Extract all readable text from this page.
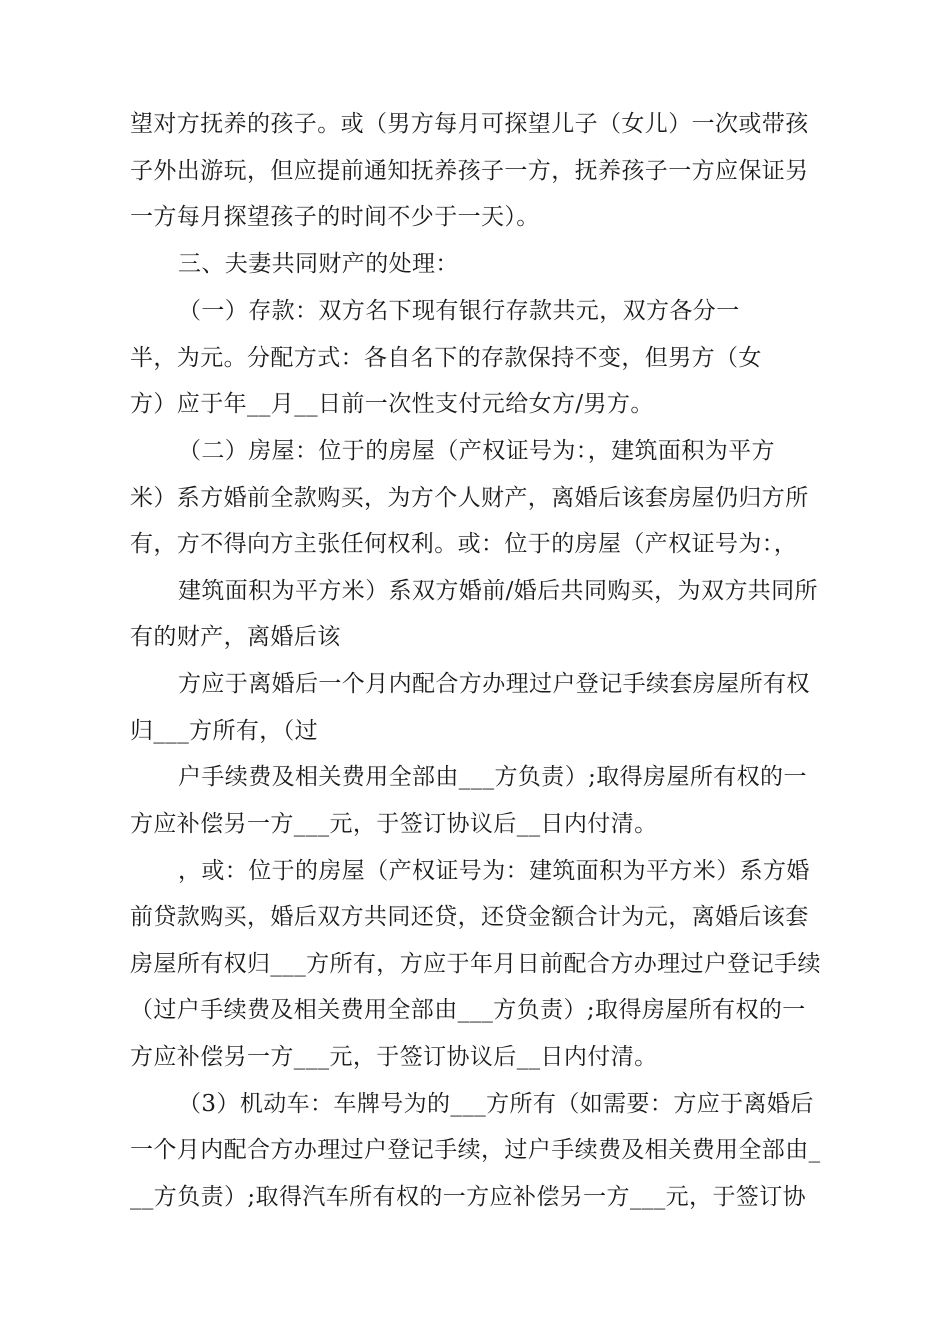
望对方抚养的孩子。或（男方每月可探望儿子（女儿）一次或带孩
子外出游玩，但应提前通知抚养孩子一方，抚养孩子一方应保证另
一方每月探望孩子的时间不少于一天）。
三、夫妻共同财产的处理：
（一）存款：双方名下现有银行存款共元，双方各分一
半，为元。分配方式：各自名下的存款保持不变，但男方（女
方）应于年__月__日前一次性支付元给女方/男方。
（二）房屋：位于的房屋（产权证号为：，建筑面积为平方
米）系方婚前全款购买，为方个人财产，离婚后该套房屋仍归方所
有，方不得向方主张任何权利。或：位于的房屋（产权证号为：，
建筑面积为平方米）系双方婚前/婚后共同购买，为双方共同所
有的财产，离婚后该
方应于离婚后一个月内配合方办理过户登记手续套房屋所有权
归___方所有，（过
户手续费及相关费用全部由___方负责）;取得房屋所有权的一
方应补偿另一方___元，于签订协议后__日内付清。
，或：位于的房屋（产权证号为：建筑面积为平方米）系方婚
前贷款购买，婚后双方共同还贷，还贷金额合计为元，离婚后该套
房屋所有权归___方所有，方应于年月日前配合方办理过户登记手续
（过户手续费及相关费用全部由___方负责）;取得房屋所有权的一
方应补偿另一方___元，于签订协议后__日内付清。
（3）机动车：车牌号为的___方所有（如需要：方应于离婚后
一个月内配合方办理过户登记手续，过户手续费及相关费用全部由_
__方负责）;取得汽车所有权的一方应补偿另一方___元，于签订协
